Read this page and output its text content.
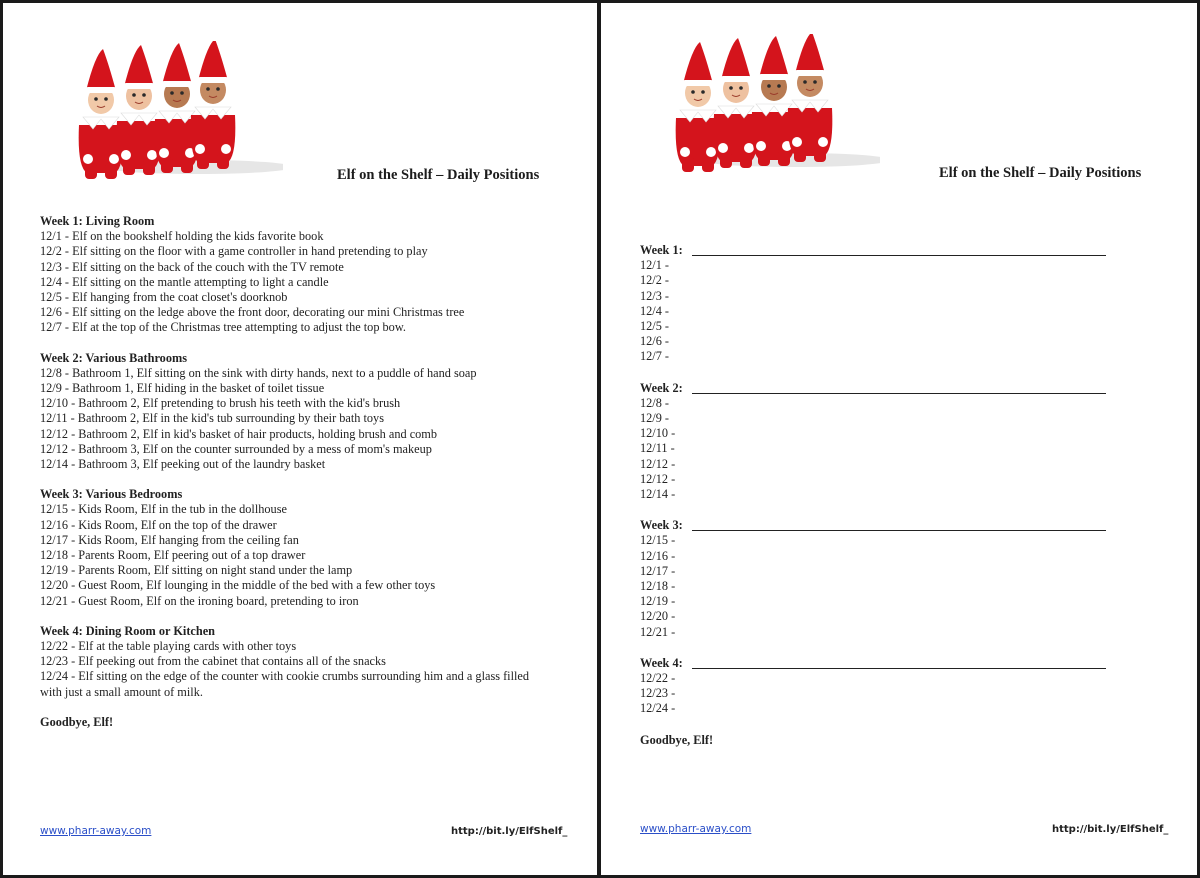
Elf on the Shelf – Daily Positions
Week 1: Living Room
12/1 - Elf on the bookshelf holding the kids favorite book
12/2 - Elf sitting on the floor with a game controller in hand pretending to play
12/3 - Elf sitting on the back of the couch with the TV remote
12/4 - Elf sitting on the mantle attempting to light a candle
12/5 - Elf hanging from the coat closet's doorknob
12/6 - Elf sitting on the ledge above the front door, decorating our mini Christmas tree
12/7 - Elf at the top of the Christmas tree attempting to adjust the top bow.
Week 2: Various Bathrooms
12/8 - Bathroom 1, Elf sitting on the sink with dirty hands, next to a puddle of hand soap
12/9 - Bathroom 1, Elf hiding in the basket of toilet tissue
12/10 - Bathroom 2, Elf pretending to brush his teeth with the kid's brush
12/11 - Bathroom 2, Elf in the kid's tub surrounding by their bath toys
12/12 - Bathroom 2, Elf in kid's basket of hair products, holding brush and comb
12/12 - Bathroom 3, Elf on the counter surrounded by a mess of mom's makeup
12/14 - Bathroom 3, Elf peeking out of the laundry basket
Week 3: Various Bedrooms
12/15 - Kids Room, Elf in the tub in the dollhouse
12/16 - Kids Room, Elf on the top of the drawer
12/17 - Kids Room, Elf hanging from the ceiling fan
12/18 - Parents Room, Elf peering out of a top drawer
12/19 - Parents Room, Elf sitting on night stand under the lamp
12/20 - Guest Room, Elf lounging in the middle of the bed with a few other toys
12/21 - Guest Room, Elf on the ironing board, pretending to iron
Week 4: Dining Room or Kitchen
12/22 - Elf at the table playing cards with other toys
12/23 - Elf peeking out from the cabinet that contains all of the snacks
12/24 - Elf sitting on the edge of the counter with cookie crumbs surrounding him and a glass filled with just a small amount of milk.
Goodbye, Elf!
www.pharr-away.com	http://bit.ly/ElfShelf_
Elf on the Shelf – Daily Positions
Week 1:
12/1 -
12/2 -
12/3 -
12/4 -
12/5 -
12/6 -
12/7 -
Week 2:
12/8 -
12/9 -
12/10 -
12/11 -
12/12 -
12/12 -
12/14 -
Week 3:
12/15 -
12/16 -
12/17 -
12/18 -
12/19 -
12/20 -
12/21 -
Week 4:
12/22 -
12/23 -
12/24 -
Goodbye, Elf!
www.pharr-away.com	http://bit.ly/ElfShelf_
